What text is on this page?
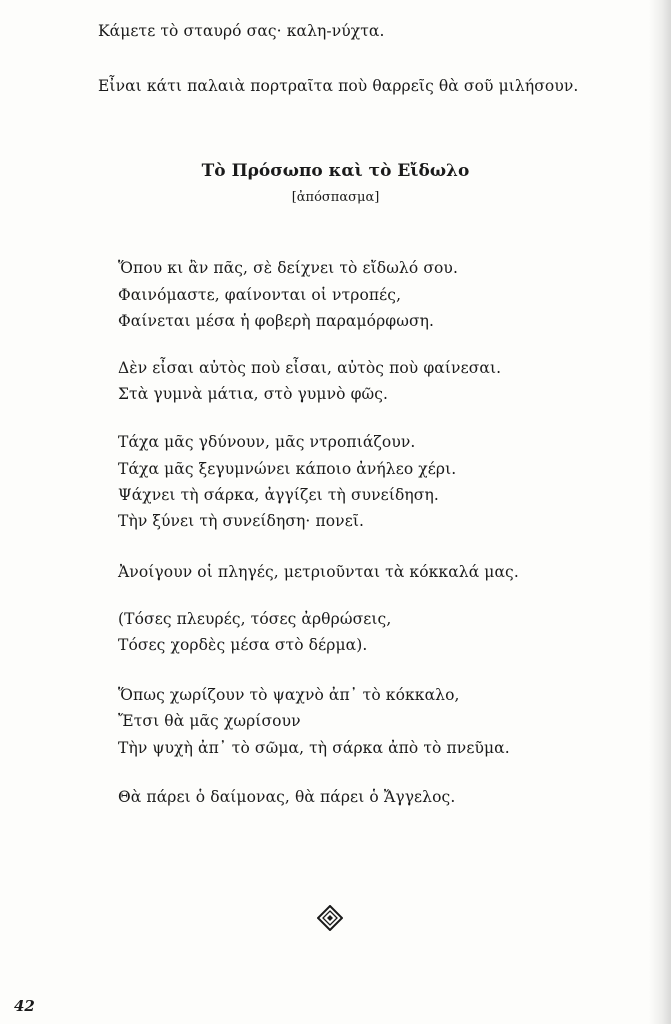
Κάμετε τὸ σταυρό σας· καλη-νύχτα.
Εἶναι κάτι παλαιὰ πορτραῖτα ποὺ θαρρεῖς θὰ σοῦ μιλήσουν.
Τὸ Πρόσωπο καὶ τὸ Εἴδωλο
[ἀπόσπασμα]
Ὅπου κι ἂν πᾶς, σὲ δείχνει τὸ εἴδωλό σου.
Φαινόμαστε, φαίνονται οἱ ντροπές,
Φαίνεται μέσα ἡ φοβερὴ παραμόρφωση.
Δὲν εἶσαι αὐτὸς ποὺ εἶσαι, αὐτὸς ποὺ φαίνεσαι.
Στὰ γυμνὰ μάτια, στὸ γυμνὸ φῶς.
Τάχα μᾶς γδύνουν, μᾶς ντροπιάζουν.
Τάχα μᾶς ξεγυμνώνει κάποιο ἀνήλεο χέρι.
Ψάχνει τὴ σάρκα, ἀγγίζει τὴ συνείδηση.
Τὴν ξύνει τὴ συνείδηση· πονεῖ.
Ἀνοίγουν οἱ πληγές, μετριοῦνται τὰ κόκκαλά μας.
(Τόσες πλευρές, τόσες ἀρθρώσεις,
Τόσες χορδὲς μέσα στὸ δέρμα).
Ὅπως χωρίζουν τὸ ψαχνὸ ἀπ᾽ τὸ κόκκαλο,
Ἔτσι θὰ μᾶς χωρίσουν
Τὴν ψυχὴ ἀπ᾽ τὸ σῶμα, τὴ σάρκα ἀπὸ τὸ πνεῦμα.
Θὰ πάρει ὁ δαίμονας, θὰ πάρει ὁ Ἄγγελος.
42
